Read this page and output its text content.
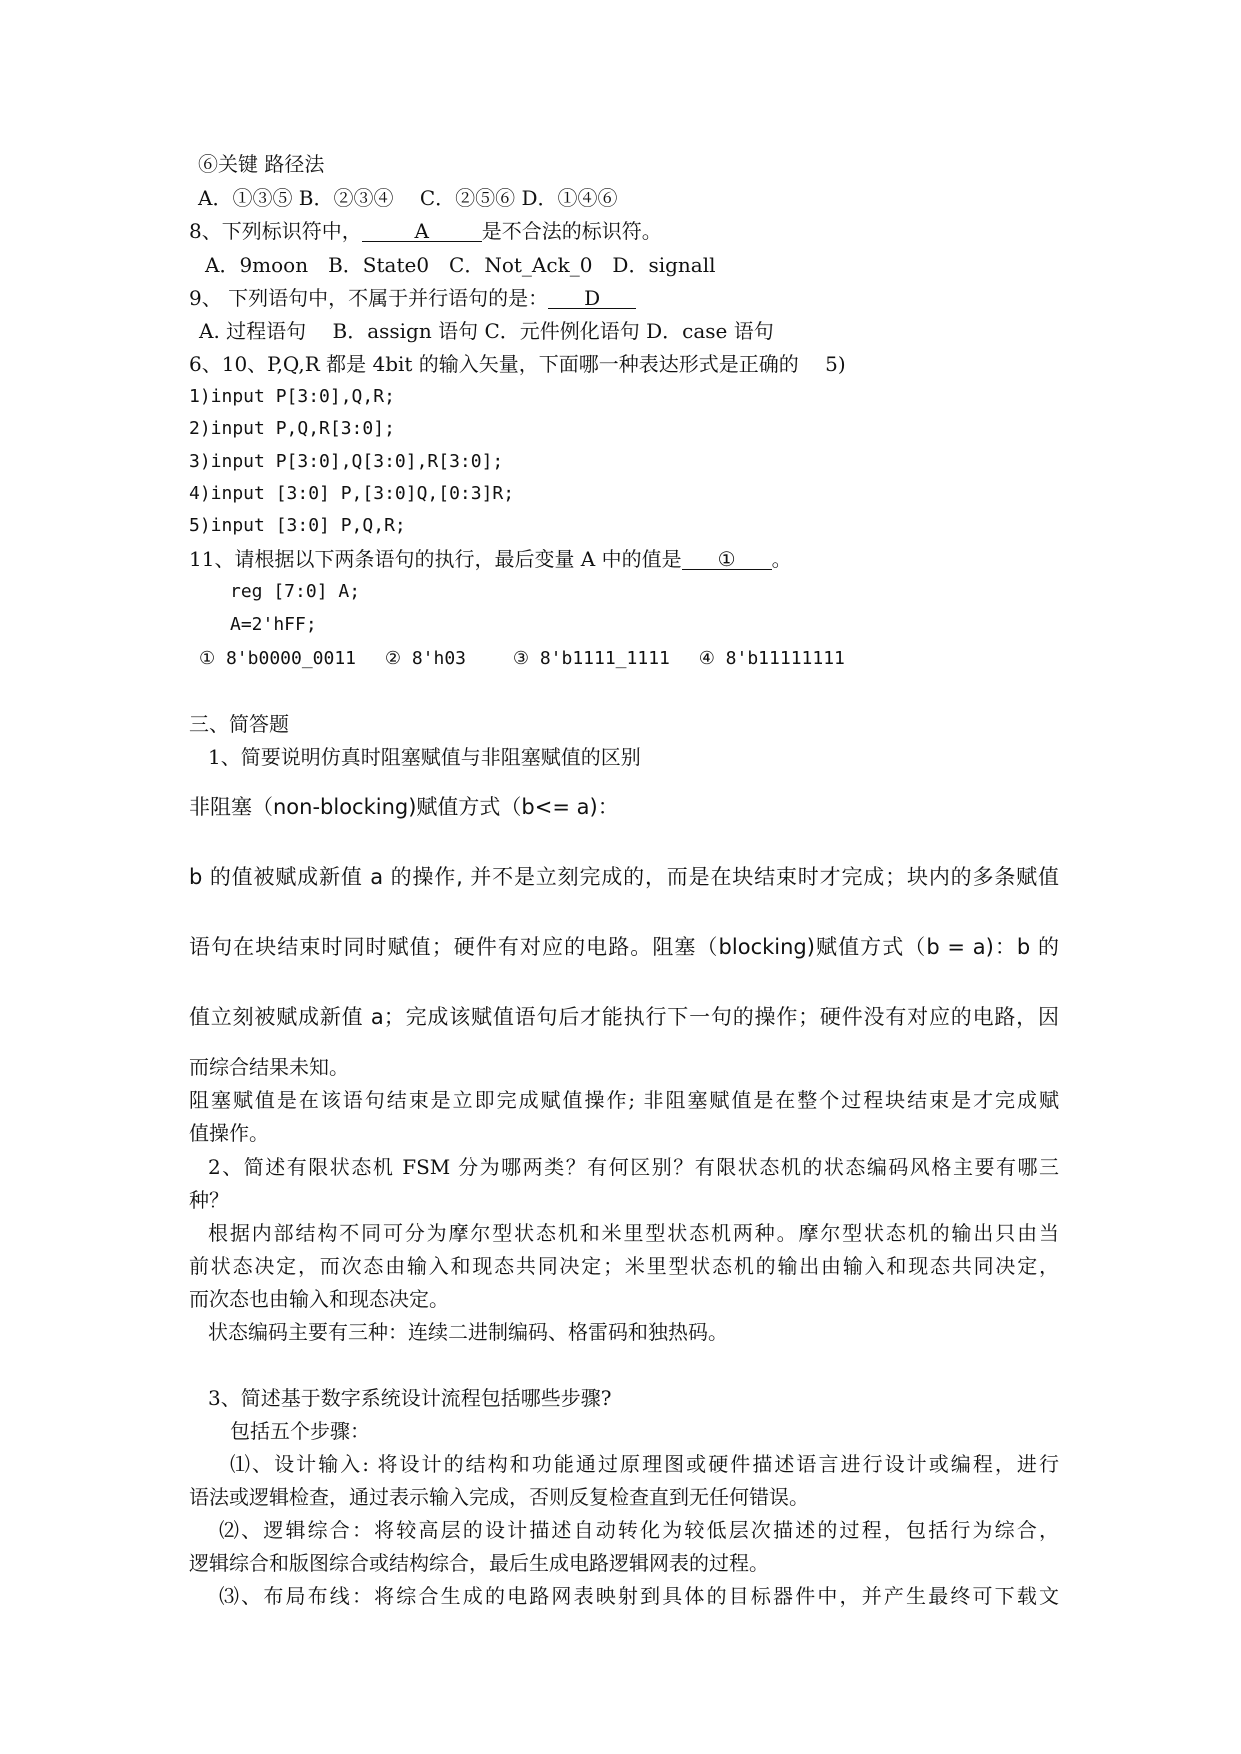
⑥关键 路径法
A．①③⑤ B．②③④　 C．②⑤⑥ D．①④⑥
8、下列标识符中，	A	是不合法的标识符。
A．9moon　B．State0　C．Not_Ack_0　D．signall
9、 下列语句中，不属于并行语句的是： D
A. 过程语句　 B．assign 语句 C．元件例化语句 D．case 语句
6、10、P,Q,R 都是 4bit 的输入矢量，下面哪一种表达形式是正确的　 5)
1)input P[3:0],Q,R;
2)input P,Q,R[3:0];
3)input P[3:0],Q[3:0],R[3:0];
4)input [3:0] P,[3:0]Q,[0:3]R;
5)input [3:0] P,Q,R;
11、请根据以下两条语句的执行，最后变量 A 中的值是 ① 。
reg [7:0] A;
A=2'hFF;
① 8'b0000_0011　 ② 8'h03　　 ③ 8'b1111_1111　 ④ 8'b11111111
三、简答题
1、简要说明仿真时阻塞赋值与非阻塞赋值的区别
非阻塞（non-blocking)赋值方式（b<= a)：
b 的值被赋成新值 a 的操作, 并不是立刻完成的，而是在块结束时才完成；块内的多条赋值
语句在块结束时同时赋值；硬件有对应的电路。阻塞（blocking)赋值方式（b = a)：b 的
值立刻被赋成新值 a；完成该赋值语句后才能执行下一句的操作；硬件没有对应的电路，因
而综合结果未知。
阻塞赋值是在该语句结束是立即完成赋值操作; 非阻塞赋值是在整个过程块结束是才完成赋
值操作。
2、简述有限状态机 FSM 分为哪两类？有何区别？有限状态机的状态编码风格主要有哪三
种？
根据内部结构不同可分为摩尔型状态机和米里型状态机两种。摩尔型状态机的输出只由当
前状态决定，而次态由输入和现态共同决定；米里型状态机的输出由输入和现态共同决定，
而次态也由输入和现态决定。
状态编码主要有三种：连续二进制编码、格雷码和独热码。
3、简述基于数字系统设计流程包括哪些步骤?
包括五个步骤：
⑴、设计输入: 将设计的结构和功能通过原理图或硬件描述语言进行设计或编程，进行
语法或逻辑检查，通过表示输入完成，否则反复检查直到无任何错误。
⑵、逻辑综合：将较高层的设计描述自动转化为较低层次描述的过程，包括行为综合，
逻辑综合和版图综合或结构综合，最后生成电路逻辑网表的过程。
⑶、布局布线：将综合生成的电路网表映射到具体的目标器件中，并产生最终可下载文
